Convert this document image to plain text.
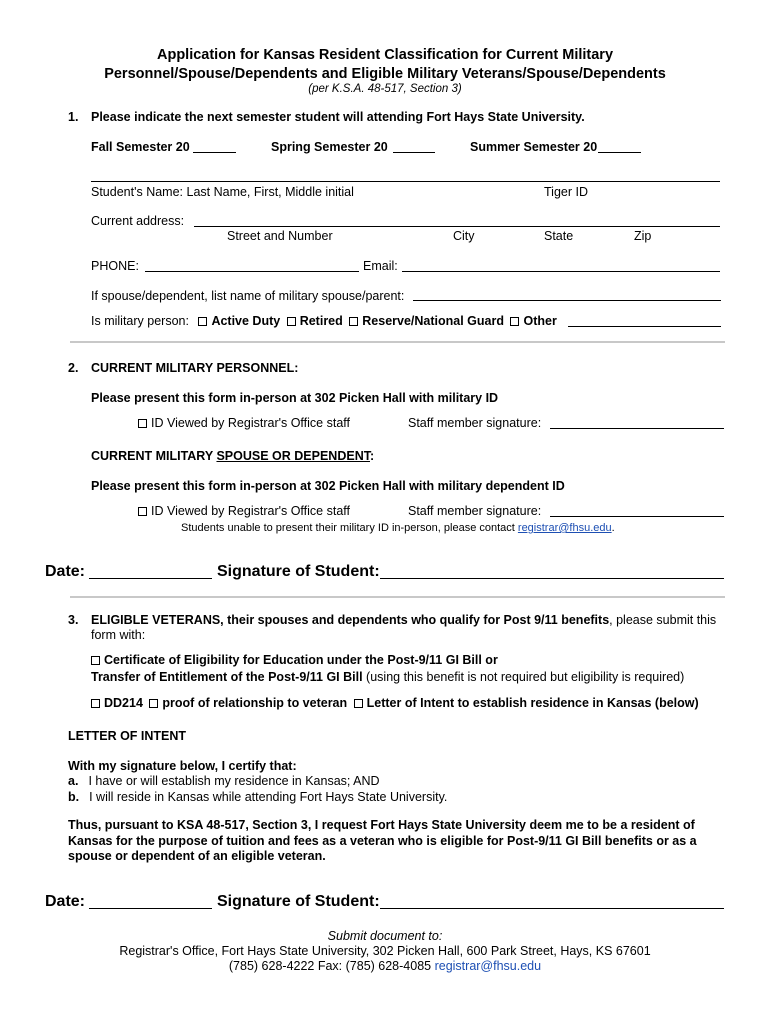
Application for Kansas Resident Classification for Current Military
Personnel/Spouse/Dependents and Eligible Military Veterans/Spouse/Dependents
(per K.S.A. 48-517, Section 3)
1. Please indicate the next semester student will attending Fort Hays State University.
Fall Semester 20	Spring Semester 20	Summer Semester 20
Student's Name: Last Name, First, Middle initial	Tiger ID
Current address:
Street and Number	City	State	Zip
PHONE:	Email:
If spouse/dependent, list name of military spouse/parent:
Is military person: Active Duty Retired Reserve/National Guard Other
2. CURRENT MILITARY PERSONNEL:
Please present this form in-person at 302 Picken Hall with military ID
ID Viewed by Registrar's Office staff	Staff member signature:
CURRENT MILITARY SPOUSE OR DEPENDENT:
Please present this form in-person at 302 Picken Hall with military dependent ID
ID Viewed by Registrar's Office staff	Staff member signature:
Students unable to present their military ID in-person, please contact registrar@fhsu.edu.
Date:	Signature of Student:
3. ELIGIBLE VETERANS, their spouses and dependents who qualify for Post 9/11 benefits, please submit this
form with:
Certificate of Eligibility for Education under the Post-9/11 GI Bill or
Transfer of Entitlement of the Post-9/11 GI Bill (using this benefit is not required but eligibility is required)
DD214 proof of relationship to veteran Letter of Intent to establish residence in Kansas (below)
LETTER OF INTENT
With my signature below, I certify that:
a. I have or will establish my residence in Kansas; AND
b. I will reside in Kansas while attending Fort Hays State University.
Thus, pursuant to KSA 48-517, Section 3, I request Fort Hays State University deem me to be a resident of
Kansas for the purpose of tuition and fees as a veteran who is eligible for Post-9/11 GI Bill benefits or as a
spouse or dependent of an eligible veteran.
Date:	Signature of Student:
Submit document to:
Registrar's Office, Fort Hays State University, 302 Picken Hall, 600 Park Street, Hays, KS 67601
(785) 628-4222 Fax: (785) 628-4085 registrar@fhsu.edu
